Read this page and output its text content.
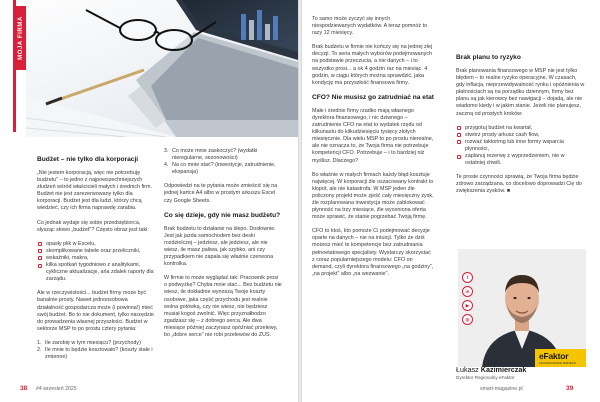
MOJA FIRMA
Budżet – nie tylko dla korporacji

„Nie jestem korporacją, więc nie potrzebuję budżetu" – to jedno z najpowszechniejszych złudzeń wśród właścicieli małych i średnich firm. Budżet nie jest zarezerwowany tylko dla korporacji. Budżet jest dla ludzi, którzy chcą wiedzieć, czy ich firma naprawdę zarabia.

Co jednak wydaje się sobie przedsiębiorca, słysząc słowo „budżet"? Często obraz jest taki:

opasły plik w Excelu,
skomplikowane tabele oraz przeliczniki,
wskaźniki, makra,
kilka spotkań tygodniowo z analitykami, cykliczne aktualizacje, ańa zdalek raporty dla zarządu.

Ale w rzeczywistości... budżet firmy może być banalnie prosty. Nawet jednoosobowa działalność gospodarcza może (i powinna!) mieć swój budżet. Bo to nie dokument, tylko narzędzie do prowadzenia własnej przyszłości. Budżet w sektorze MSP to po prostu cztery pytania:

1. Ile zarobię w tym miesiącu? (przychody)
2. Ile mnie to będzie kosztowało? (koszty stałe i zmienne)
3. Co może mnie zaskoczyć? (wydatki nieregularne, sezonowości)
4. Na co mnie stać? (inwestycje, zatrudnienie, ekspansja)

Odpowiedzi na te pytania może zmieścić się na jednej kartce A4 albo w prostym arkuszu Excel czy Google Sheets.

Co się dzieje, gdy nie masz budżetu?

Brak budżetu to działanie na ślepo. Dosłownie. Jest jak jazda samochodem bez deski rozdzielczej – jedziesz, ale jedziesz, ale nie wiesz, ile masz paliwa, jak szybko, ani czy przypadkiem nie zapala się właśnie czerwona kontrolka.

W firmie to może wyglądać tak: Pracownik prosi o podwyżkę? Chyba mnie stać... Bez budżetu nie wiesz, ile dokładnie wynoszą Twoje koszty osobowe, jaka część przychodu jest realnie wolna gotówką, czy nie wiesz, nie będziesz musiał kogoś zwolnić. Więc przyznałbodzo zgadzasz się – z dobrego serca. Ale dwa miesiące później zaczynasz opóźniać przelewy, bo „dobre serce" nie robi przelewów do ZUS.

38 #4 wrzesień 2025

To samo może zyczyć się innych niespodziewanych wydatków. A teraz pomnóż to razy 12 miesięcy.

Brak budżetu w firmie nie kończy się na jednej złej decyzji. To seria małych wyborów podejmowanych na podstawie przeczucia, a nie danych – i to wszystko prosi... a ok 4 godzin raz na miesiąc. 4 godzin, w ciągu których można sprawdzić, jaka kondycję ma przyszłość finansowa firmy.

CFO? Nie musisz go zatrudniać na etat

Małe i średnie firmy rzadko mają własnego dyrektora finansowego, i nic dziwnego – zatrudnienie CFO na etat to wydatek rzędu od kilkunastu do kilkudziesięciu tysięcy złotych miesięcznie. Dla wielu MSP to po prostu nierealne, ale nie oznacza to, że Twoja firma nie potrzebuje kompetencji CFO. Potrzebuje – i to bardziej niż myślisz. Dlaczego?

Bo właśnie w małych firmach każdy błąd kosztuje najwięcej. W korporacji źle oszacowany kontrakt to kłopot, ale nie katastrofa. W MSP jeden źle policzony projekt może zjeść cały miesięczny zysk, źle rozplanowana inwestycja może zablokować płynność na trzy miesiące, źle wyceniona oferta może sprawić, że stanie pogrzebać Twoją firmę.

CFO to ktoś, kto pomoże Ci podejmować decyzje oparte na danych – nie na intuicji. Tylko że dziś możesz mieć te kompetencje bez zatrudniania pełnoetatowego specjalisty. Wystarczy skorzystać z coraz popularniejszego modelu: CFO on demand, czyli dyrektora finansowego „na godziny", „na projekt" albo „na wezwanie".

Brak planu to ryzyko

Brak planowania finansowego w MSP nie jest tylko błędem – to realne ryzyko operacyjne. W czasach, gdy inflacja, nieprzewidywalność rynku i opóźnienia w płatnościach są na porządku dziennym, firmy bez planu są jak kierowcy bez nawigacji – dojadą, ale nie wiadomo kiedy i w jakim stanie. Jeżeli nie planujesz, zaczną od prostych kroków:

przygotuj budżet na kwartał,
stwórz prosty arkusz cash flow,
rozważ taktorimg lub inne formy wsparcia płynności,
zaplanuj rezerwę z wyprzedzeniem, nie w ostatniej chwili.

Te proste czynności sprawią, że Twoja firma będzie zdrowo zarządzana, co docelowo doprowadzi Cię do zwiększenia zysków. ■

f
in
▶
◎
eFaktor
FINANSOWANIE BIZNESU
Łukasz Kazimierczak
Dyrektor Regionalny eFaktor
smart-magazine.pl	39
